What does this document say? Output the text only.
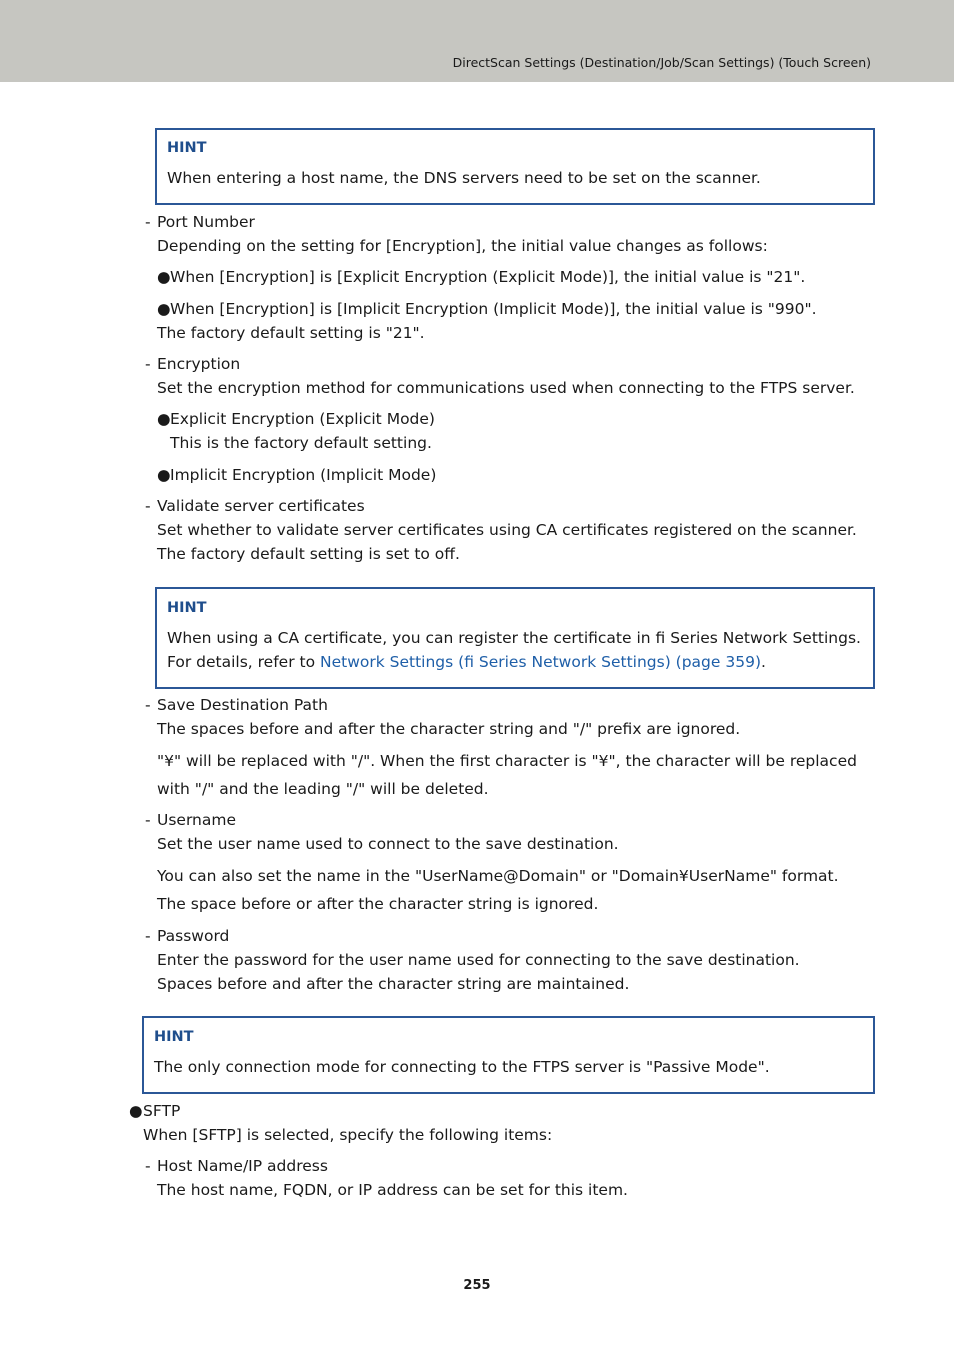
DirectScan Settings (Destination/Job/Scan Settings) (Touch Screen)
HINT
When entering a host name, the DNS servers need to be set on the scanner.
- Port Number
Depending on the setting for [Encryption], the initial value changes as follows:
● When [Encryption] is [Explicit Encryption (Explicit Mode)], the initial value is "21".
● When [Encryption] is [Implicit Encryption (Implicit Mode)], the initial value is "990".
The factory default setting is "21".
- Encryption
Set the encryption method for communications used when connecting to the FTPS server.
● Explicit Encryption (Explicit Mode)
This is the factory default setting.
● Implicit Encryption (Implicit Mode)
- Validate server certificates
Set whether to validate server certificates using CA certificates registered on the scanner.
The factory default setting is set to off.
HINT
When using a CA certificate, you can register the certificate in fi Series Network Settings.
For details, refer to Network Settings (fi Series Network Settings) (page 359).
- Save Destination Path
The spaces before and after the character string and "/" prefix are ignored.
"¥" will be replaced with "/". When the first character is "¥", the character will be replaced
with "/" and the leading "/" will be deleted.
- Username
Set the user name used to connect to the save destination.
You can also set the name in the "UserName@Domain" or "Domain¥UserName" format.
The space before or after the character string is ignored.
- Password
Enter the password for the user name used for connecting to the save destination.
Spaces before and after the character string are maintained.
HINT
The only connection mode for connecting to the FTPS server is "Passive Mode".
● SFTP
When [SFTP] is selected, specify the following items:
- Host Name/IP address
The host name, FQDN, or IP address can be set for this item.
255
